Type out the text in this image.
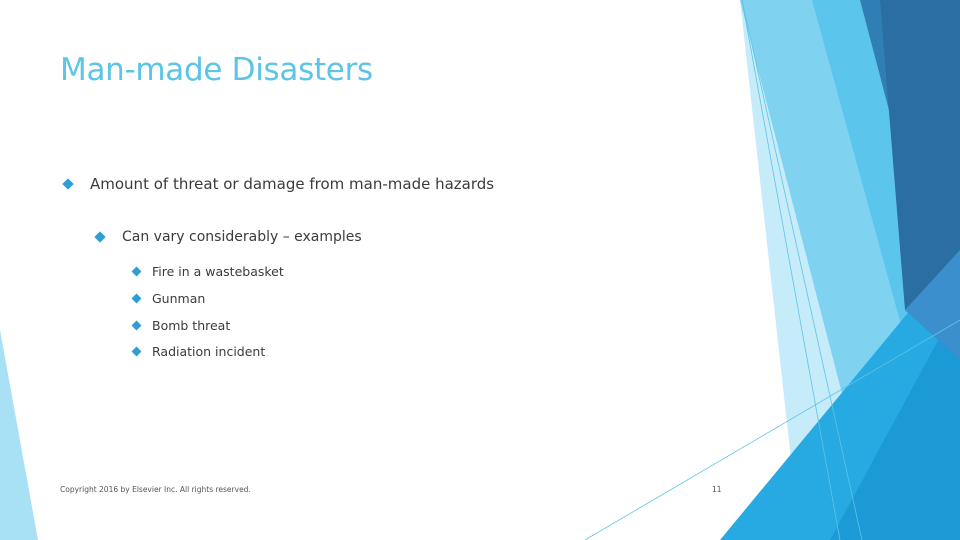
Man-made Disasters
Amount of threat or damage from man-made hazards
Can vary considerably – examples
Fire in a wastebasket
Gunman
Bomb threat
Radiation incident
Copyright 2016 by Elsevier Inc. All rights reserved.	11
